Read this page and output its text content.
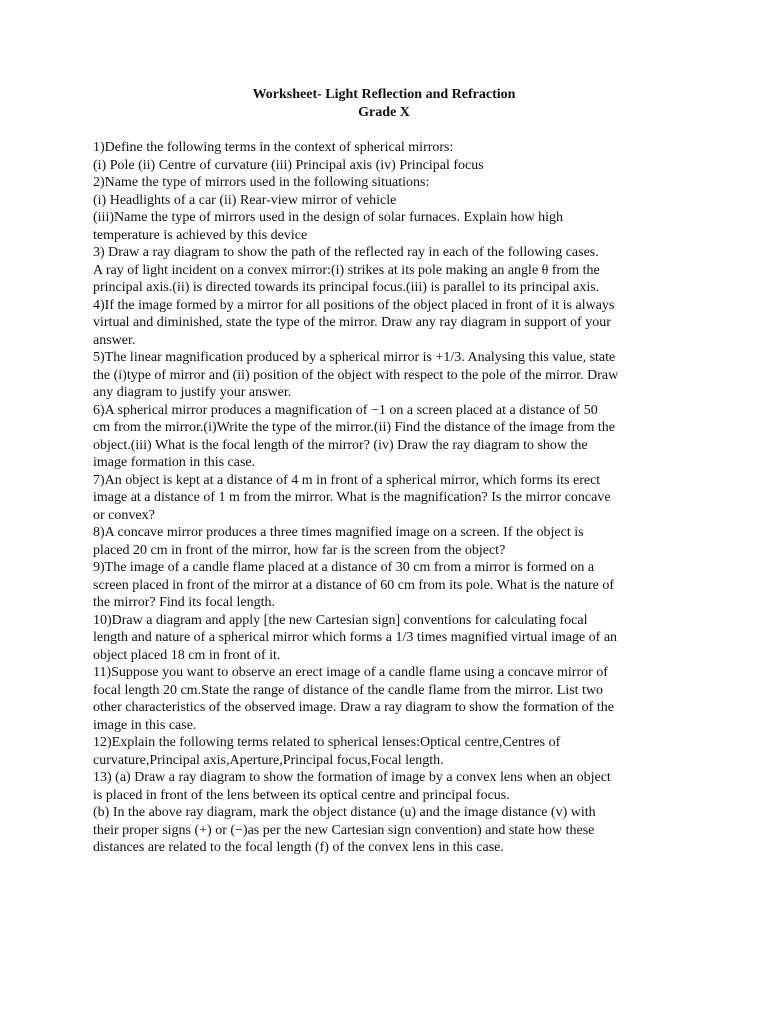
Worksheet- Light Reflection and Refraction
Grade X
1)Define the following terms in the context of spherical mirrors:
(i) Pole (ii) Centre of curvature (iii) Principal axis (iv) Principal focus
2)Name the type of mirrors used in the following situations:
(i) Headlights of a car (ii) Rear-view mirror of vehicle
(iii)Name the type of mirrors used in the design of solar furnaces. Explain how high
temperature is achieved by this device
3) Draw a ray diagram to show the path of the reflected ray in each of the following cases.
A ray of light incident on a convex mirror:(i) strikes at its pole making an angle θ from the
principal axis.(ii) is directed towards its principal focus.(iii) is parallel to its principal axis.
4)If the image formed by a mirror for all positions of the object placed in front of it is always
virtual and diminished, state the type of the mirror. Draw any ray diagram in support of your
answer.
5)The linear magnification produced by a spherical mirror is +1/3. Analysing this value, state
the (i)type of mirror and (ii) position of the object with respect to the pole of the mirror. Draw
any diagram to justify your answer.
6)A spherical mirror produces a magnification of −1 on a screen placed at a distance of 50
cm from the mirror.(i)Write the type of the mirror.(ii) Find the distance of the image from the
object.(iii) What is the focal length of the mirror? (iv) Draw the ray diagram to show the
image formation in this case.
7)An object is kept at a distance of 4 m in front of a spherical mirror, which forms its erect
image at a distance of 1 m from the mirror. What is the magnification? Is the mirror concave
or convex?
8)A concave mirror produces a three times magnified image on a screen. If the object is
placed 20 cm in front of the mirror, how far is the screen from the object?
9)The image of a candle flame placed at a distance of 30 cm from a mirror is formed on a
screen placed in front of the mirror at a distance of 60 cm from its pole. What is the nature of
the mirror? Find its focal length.
10)Draw a diagram and apply [the new Cartesian sign] conventions for calculating focal
length and nature of a spherical mirror which forms a 1/3 times magnified virtual image of an
object placed 18 cm in front of it.
11)Suppose you want to observe an erect image of a candle flame using a concave mirror of
focal length 20 cm.State the range of distance of the candle flame from the mirror. List two
other characteristics of the observed image. Draw a ray diagram to show the formation of the
image in this case.
12)Explain the following terms related to spherical lenses:Optical centre,Centres of
curvature,Principal axis,Aperture,Principal focus,Focal length.
13) (a) Draw a ray diagram to show the formation of image by a convex lens when an object
is placed in front of the lens between its optical centre and principal focus.
(b) In the above ray diagram, mark the object distance (u) and the image distance (v) with
their proper signs (+) or (−)as per the new Cartesian sign convention) and state how these
distances are related to the focal length (f) of the convex lens in this case.
